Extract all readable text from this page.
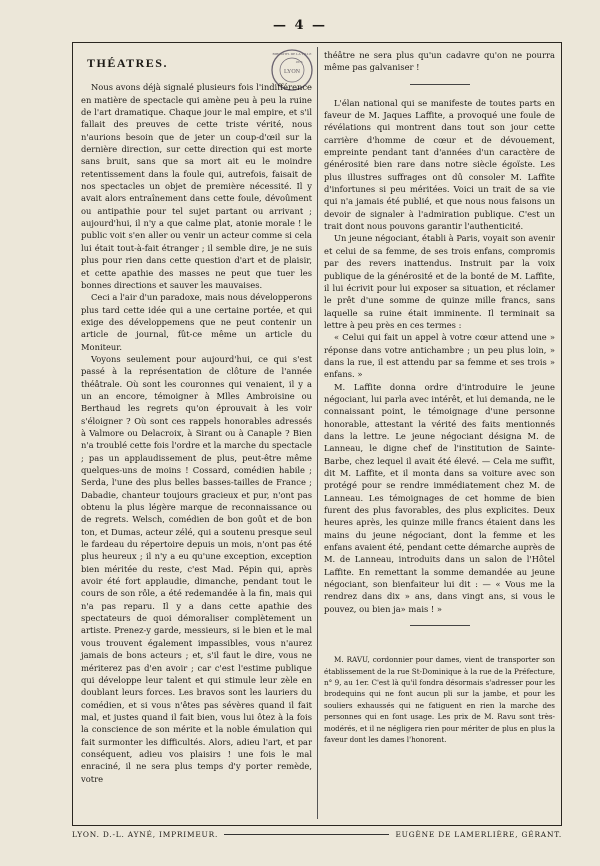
— 4 —
LYON
BIBLIOTH. DE LA VILLE
1875
THÉATRES.

Nous avons déjà signalé plusieurs fois l'indifférence en matière de spectacle qui amène peu à peu la ruine de l'art dramatique. Chaque jour le mal empire, et s'il fallait des preuves de cette triste vérité, nous n'aurions besoin que de jeter un coup-d'œil sur la dernière direction, sur cette direction qui est morte sans bruit, sans que sa mort ait eu le moindre retentissement dans la foule qui, autrefois, faisait de nos spectacles un objet de première nécessité. Il y avait alors entraînement dans cette foule, dévoûment ou antipathie pour tel sujet partant ou arrivant ; aujourd'hui, il n'y a que calme plat, atonie morale ! le public voit s'en aller ou venir un acteur comme si cela lui était tout-à-fait étranger ; il semble dire, je ne suis plus pour rien dans cette question d'art et de plaisir, et cette apathie des masses ne peut que tuer les bonnes directions et sauver les mauvaises.

Ceci a l'air d'un paradoxe, mais nous développerons plus tard cette idée qui a une certaine portée, et qui exige des développemens que ne peut contenir un article de journal, fût-ce même un article du Moniteur.

Voyons seulement pour aujourd'hui, ce qui s'est passé à la représentation de clôture de l'année théâtrale. Où sont les couronnes qui venaient, il y a un an encore, témoigner à Mlles Ambroisine ou Berthaud les regrets qu'on éprouvait à les voir s'éloigner ? Où sont ces rappels honorables adressés à Valmore ou Delacroix, à Sirant ou à Canaple ? Bien n'a troublé cette fois l'ordre et la marche du spectacle ; pas un applaudissement de plus, peut-être même quelques-uns de moins ! Cossard, comédien habile ; Serda, l'une des plus belles basses-tailles de France ; Dabadie, chanteur toujours gracieux et pur, n'ont pas obtenu la plus légère marque de reconnaissance ou de regrets. Welsch, comédien de bon goût et de bon ton, et Dumas, acteur zélé, qui a soutenu presque seul le fardeau du répertoire depuis un mois, n'ont pas été plus heureux ; il n'y a eu qu'une exception, exception bien méritée du reste, c'est Mad. Pépin qui, après avoir été fort applaudie, dimanche, pendant tout le cours de son rôle, a été redemandée à la fin, mais qui n'a pas reparu. Il y a dans cette apathie des spectateurs de quoi démoraliser complètement un artiste. Prenez-y garde, messieurs, si le bien et le mal vous trouvent également impassibles, vous n'aurez jamais de bons acteurs ; et, s'il faut le dire, vous ne mériterez pas d'en avoir ; car c'est l'estime publique qui développe leur talent et qui stimule leur zèle en doublant leurs forces. Les bravos sont les lauriers du comédien, et si vous n'êtes pas sévères quand il fait mal, et justes quand il fait bien, vous lui ôtez à la fois la conscience de son mérite et la noble émulation qui fait surmonter les difficultés. Alors, adieu l'art, et par conséquent, adieu vos plaisirs ! une fois le mal enraciné, il ne sera plus temps d'y porter remède, votre

théâtre ne sera plus qu'un cadavre qu'on ne pourra même pas galvaniser !

L'élan national qui se manifeste de toutes parts en faveur de M. Jaques Laffite, a provoqué une foule de révélations qui montrent dans tout son jour cette carrière d'homme de cœur et de dévouement, empreinte pendant tant d'années d'un caractère de générosité bien rare dans notre siècle égoïste. Les plus illustres suffrages ont dû consoler M. Laffite d'infortunes si peu méritées. Voici un trait de sa vie qui n'a jamais été publié, et que nous nous faisons un devoir de signaler à l'admiration publique. C'est un trait dont nous pouvons garantir l'authenticité.

Un jeune négociant, établi à Paris, voyait son avenir et celui de sa femme, de ses trois enfans, compromis par des revers inattendus. Instruit par la voix publique de la générosité et de la bonté de M. Laffite, il lui écrivit pour lui exposer sa situation, et réclamer le prêt d'une somme de quinze mille francs, sans laquelle sa ruine était imminente. Il terminait sa lettre à peu près en ces termes :

« Celui qui fait un appel à votre cœur attend une » réponse dans votre antichambre ; un peu plus loin, » dans la rue, il est attendu par sa femme et ses trois » enfans. »

M. Laffite donna ordre d'introduire le jeune négociant, lui parla avec intérêt, et lui demanda, ne le connaissant point, le témoignage d'une personne honorable, attestant la vérité des faits mentionnés dans la lettre. Le jeune négociant désigna M. de Lanneau, le digne chef de l'institution de Sainte-Barbe, chez lequel il avait été élevé. — Cela me suffit, dit M. Laffite, et il monta dans sa voiture avec son protégé pour se rendre immédiatement chez M. de Lanneau. Les témoignages de cet homme de bien furent des plus favorables, des plus explicites. Deux heures après, les quinze mille francs étaient dans les mains du jeune négociant, dont la femme et les enfans avaient été, pendant cette démarche auprès de M. de Lanneau, introduits dans un salon de l'Hôtel Laffite. En remettant la somme demandée au jeune négociant, son bienfaiteur lui dit : — « Vous me la rendrez dans dix » ans, dans vingt ans, si vous le pouvez, ou bien ja» mais ! »

M. RAVU, cordonnier pour dames, vient de transporter son établissement de la rue St-Dominique à la rue de la Préfecture, n° 9, au 1er. C'est là qu'il fondra désormais s'adresser pour les brodequins qui ne font aucun pli sur la jambe, et pour les souliers exhaussés qui ne fatiguent en rien la marche des personnes qui en font usage. Les prix de M. Ravu sont très-modérés, et il ne négligera rien pour mériter de plus en plus la faveur dont les dames l'honorent.

LYON. D.-L. AYNÉ, IMPRIMEUR.	EUGÈNE DE LAMERLIÈRE, GÉRANT.
